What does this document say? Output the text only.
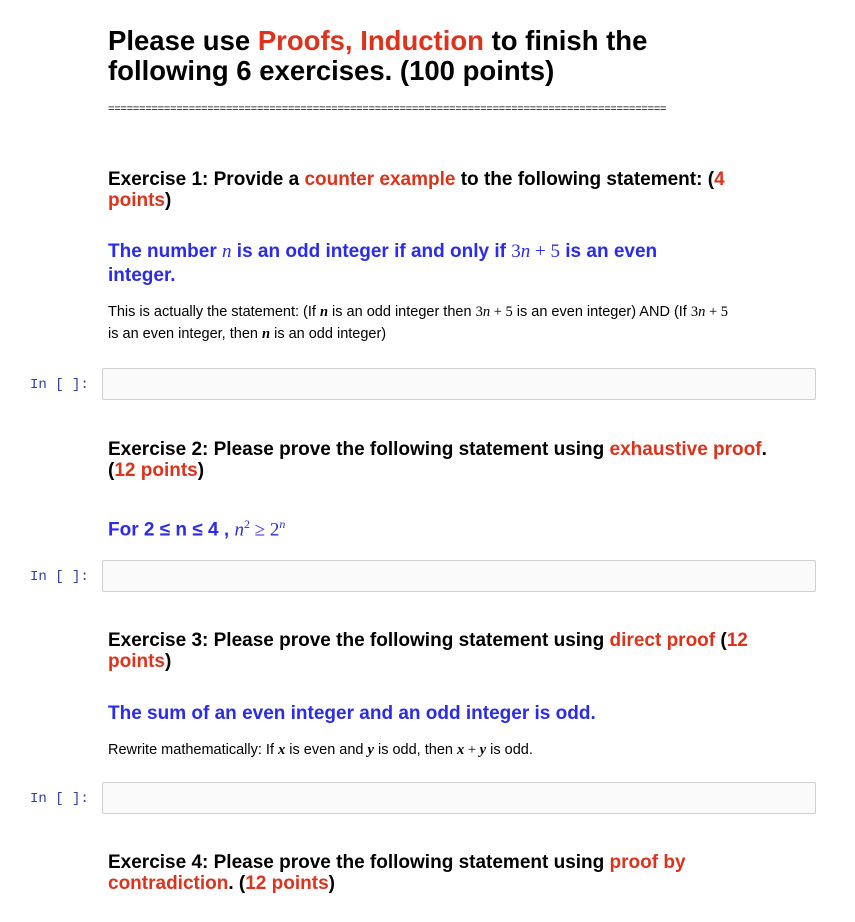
Please use Proofs, Induction to finish the
following 6 exercises. (100 points)
==========================================================================================
Exercise 1: Provide a counter example to the following statement: (4
points)
The number n is an odd integer if and only if 3n + 5 is an even
integer.
This is actually the statement: (If n is an odd integer then 3n + 5 is an even integer) AND (If 3n + 5
is an even integer, then n is an odd integer)
In [ ]:
Exercise 2: Please prove the following statement using exhaustive proof.
(12 points)
For 2 ≤ n ≤ 4 , $n^2 \ge 2^n$
In [ ]:
Exercise 3: Please prove the following statement using direct proof (12
points)
The sum of an even integer and an odd integer is odd.
Rewrite mathematically: If x is even and y is odd, then x + y is odd.
In [ ]:
Exercise 4: Please prove the following statement using proof by
contradiction. (12 points)
